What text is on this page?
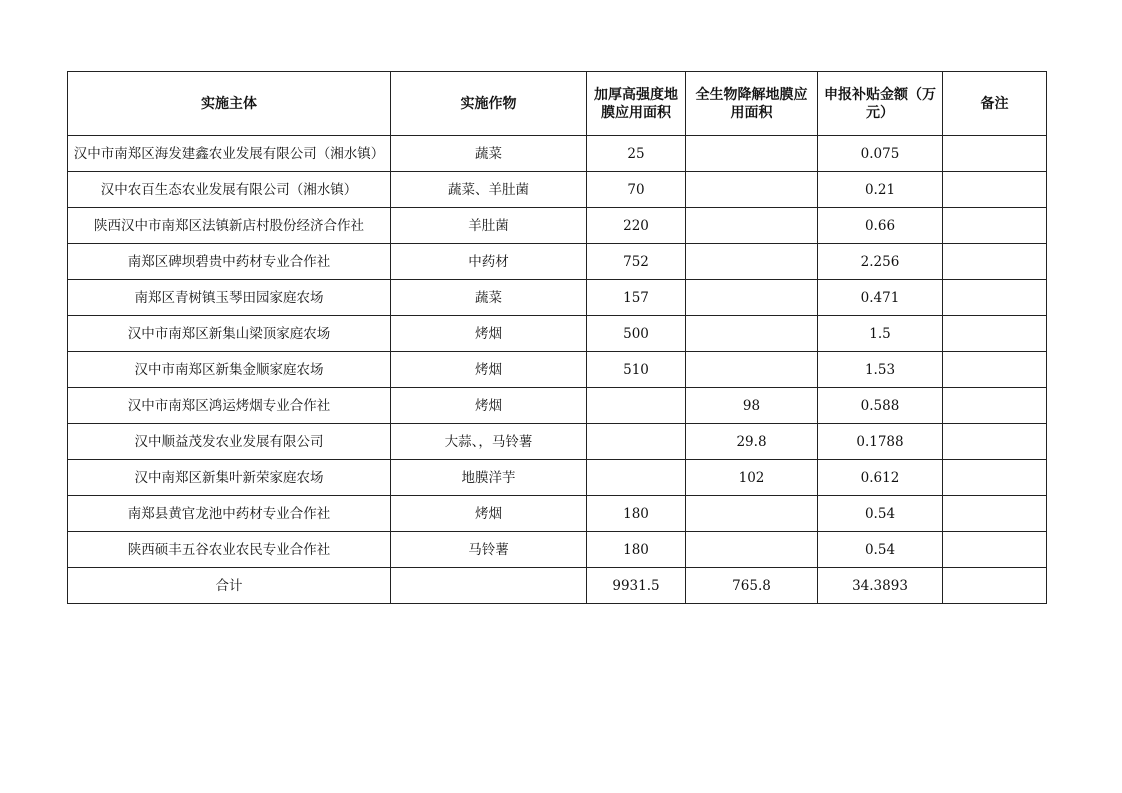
实施主体	实施作物	加厚高强度地膜应用面积	全生物降解地膜应用面积	申报补贴金额（万元）	备注
汉中市南郑区海发建鑫农业发展有限公司（湘水镇）	蔬菜	25		0.075	
汉中农百生态农业发展有限公司（湘水镇）	蔬菜、羊肚菌	70		0.21	
陕西汉中市南郑区法镇新店村股份经济合作社	羊肚菌	220		0.66	
南郑区碑坝碧贵中药材专业合作社	中药材	752		2.256	
南郑区青树镇玉琴田园家庭农场	蔬菜	157		0.471	
汉中市南郑区新集山梁顶家庭农场	烤烟	500		1.5	
汉中市南郑区新集金顺家庭农场	烤烟	510		1.53	
汉中市南郑区鸿运烤烟专业合作社	烤烟		98	0.588	
汉中顺益茂发农业发展有限公司	大蒜、，马铃薯		29.8	0.1788	
汉中南郑区新集叶新荣家庭农场	地膜洋芋		102	0.612	
南郑县黄官龙池中药材专业合作社	烤烟	180		0.54	
陕西硕丰五谷农业农民专业合作社	马铃薯	180		0.54	
合计		9931.5	765.8	34.3893	
